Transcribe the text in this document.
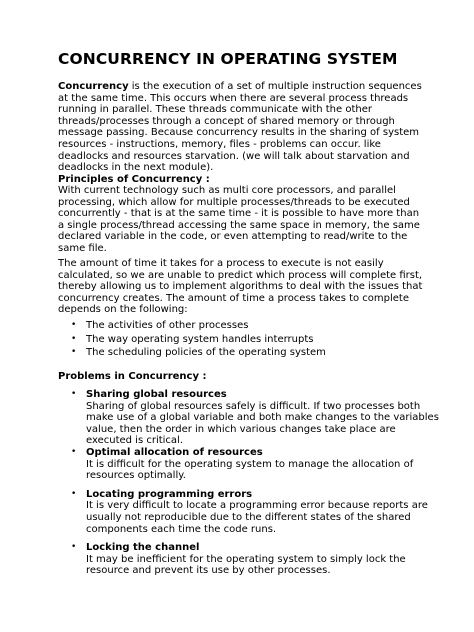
CONCURRENCY IN OPERATING SYSTEM

Concurrency is the execution of a set of multiple instruction sequences at the same time. This occurs when there are several process threads running in parallel. These threads communicate with the other threads/processes through a concept of shared memory or through message passing. Because concurrency results in the sharing of system resources - instructions, memory, files - problems can occur. like deadlocks and resources starvation. (we will talk about starvation and deadlocks in the next module).

Principles of Concurrency :

With current technology such as multi core processors, and parallel processing, which allow for multiple processes/threads to be executed concurrently - that is at the same time - it is possible to have more than a single process/thread accessing the same space in memory, the same declared variable in the code, or even attempting to read/write to the same file.

The amount of time it takes for a process to execute is not easily calculated, so we are unable to predict which process will complete first, thereby allowing us to implement algorithms to deal with the issues that concurrency creates. The amount of time a process takes to complete depends on the following:

• The activities of other processes
• The way operating system handles interrupts
• The scheduling policies of the operating system
Problems in Concurrency :
• Sharing global resources
Sharing of global resources safely is difficult. If two processes both make use of a global variable and both make changes to the variables value, then the order in which various changes take place are executed is critical.
• Optimal allocation of resources
It is difficult for the operating system to manage the allocation of resources optimally.
• Locating programming errors
It is very difficult to locate a programming error because reports are usually not reproducible due to the different states of the shared components each time the code runs.
• Locking the channel
It may be inefficient for the operating system to simply lock the resource and prevent its use by other processes.
